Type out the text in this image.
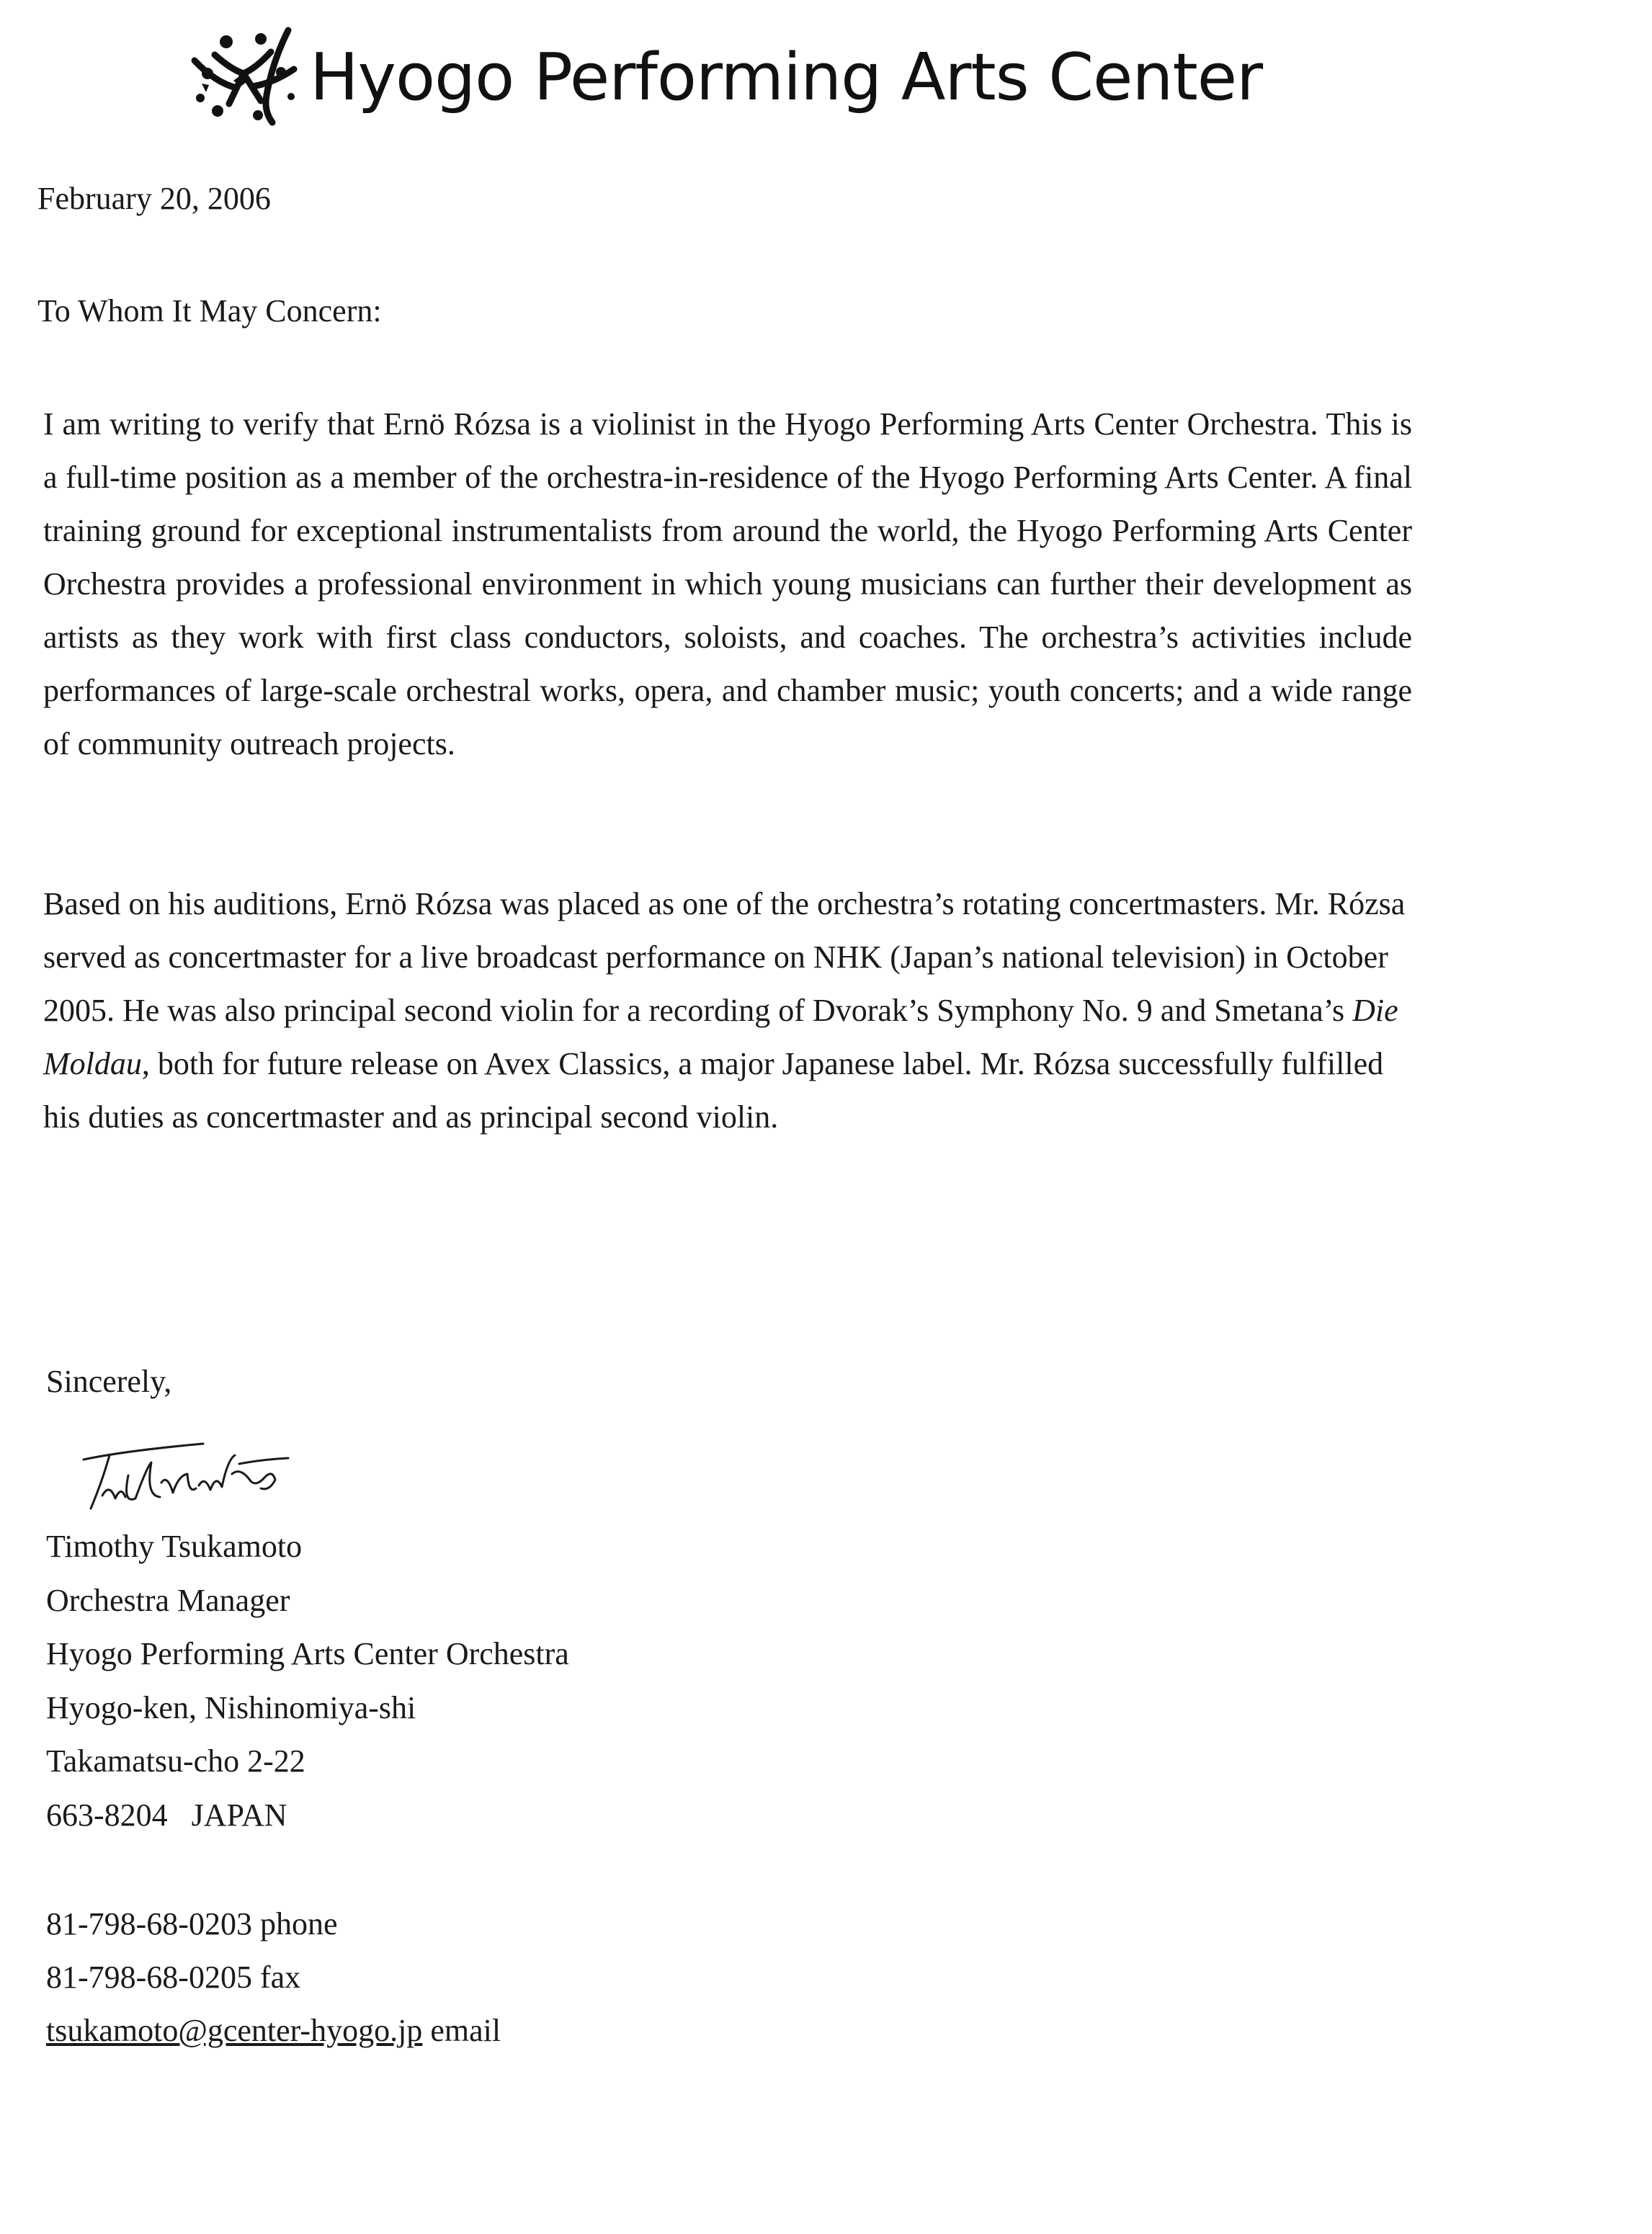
Hyogo Performing Arts Center
February 20, 2006
To Whom It May Concern:

I am writing to verify that Ernö Rózsa is a violinist in the Hyogo Performing Arts Center Orchestra. This is a full-time position as a member of the orchestra-in-residence of the Hyogo Performing Arts Center. A final training ground for exceptional instrumentalists from around the world, the Hyogo Performing Arts Center Orchestra provides a professional environment in which young musicians can further their development as artists as they work with first class conductors, soloists, and coaches. The orchestra’s activities include performances of large-scale orchestral works, opera, and chamber music; youth concerts; and a wide range of community outreach projects.

Based on his auditions, Ernö Rózsa was placed as one of the orchestra’s rotating concertmasters. Mr. Rózsa served as concertmaster for a live broadcast performance on NHK (Japan’s national television) in October 2005. He was also principal second violin for a recording of Dvorak’s Symphony No. 9 and Smetana’s Die Moldau, both for future release on Avex Classics, a major Japanese label. Mr. Rózsa successfully fulfilled his duties as concertmaster and as principal second violin.

Sincerely,
Timothy Tsukamoto
Orchestra Manager
Hyogo Performing Arts Center Orchestra
Hyogo-ken, Nishinomiya-shi
Takamatsu-cho 2-22
663-8204   JAPAN
81-798-68-0203 phone
81-798-68-0205 fax
tsukamoto@gcenter-hyogo.jp email
